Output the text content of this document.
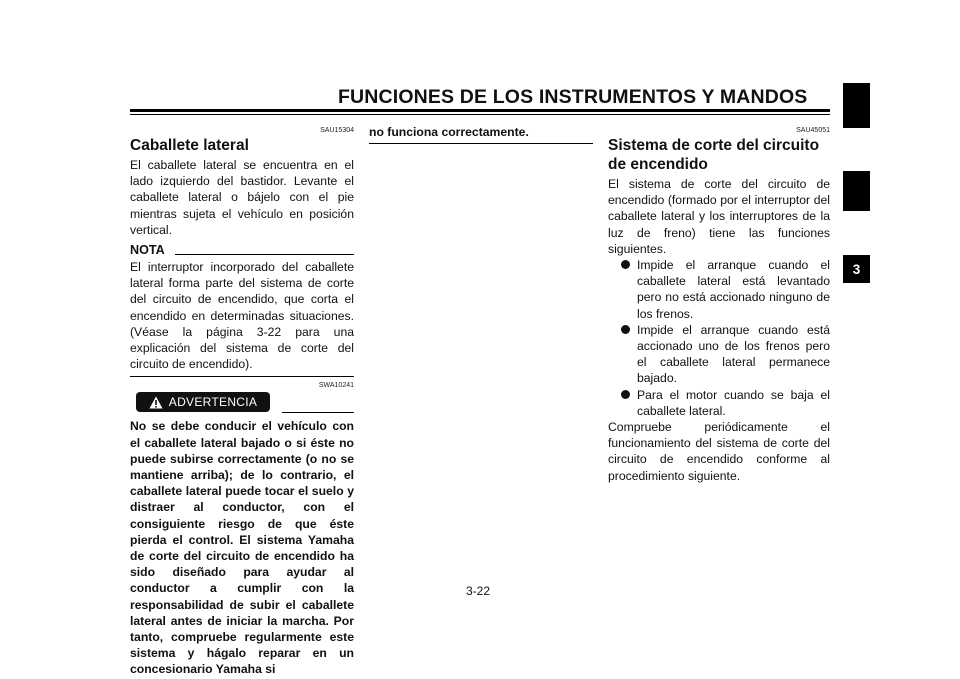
FUNCIONES DE LOS INSTRUMENTOS Y MANDOS
SAU15304
Caballete lateral

El caballete lateral se encuentra en el lado izquierdo del bastidor. Levante el caballete lateral o bájelo con el pie mientras sujeta el vehículo en posición vertical.

NOTA

El interruptor incorporado del caballete lateral forma parte del sistema de corte del circuito de encendido, que corta el encendido en determinadas situaciones. (Véase la página 3-22 para una explicación del sistema de corte del circuito de encendido).

SWA10241
ADVERTENCIA

No se debe conducir el vehículo con el caballete lateral bajado o si éste no puede subirse correctamente (o no se mantiene arriba); de lo contrario, el caballete lateral puede tocar el suelo y distraer al conductor, con el consiguiente riesgo de que éste pierda el control. El sistema Yamaha de corte del circuito de encendido ha sido diseñado para ayudar al conductor a cumplir con la responsabilidad de subir el caballete lateral antes de iniciar la marcha. Por tanto, compruebe regularmente este sistema y hágalo reparar en un concesionario Yamaha si

no funciona correctamente.	SAU45051
Sistema de corte del circuito de encendido

El sistema de corte del circuito de encendido (formado por el interruptor del caballete lateral y los interruptores de la luz de freno) tiene las funciones siguientes.

Impide el arranque cuando el caballete lateral está levantado pero no está accionado ninguno de los frenos.
Impide el arranque cuando está accionado uno de los frenos pero el caballete lateral permanece bajado.
Para el motor cuando se baja el caballete lateral.

Compruebe periódicamente el funcionamiento del sistema de corte del circuito de encendido conforme al procedimiento siguiente.

3-22
3
